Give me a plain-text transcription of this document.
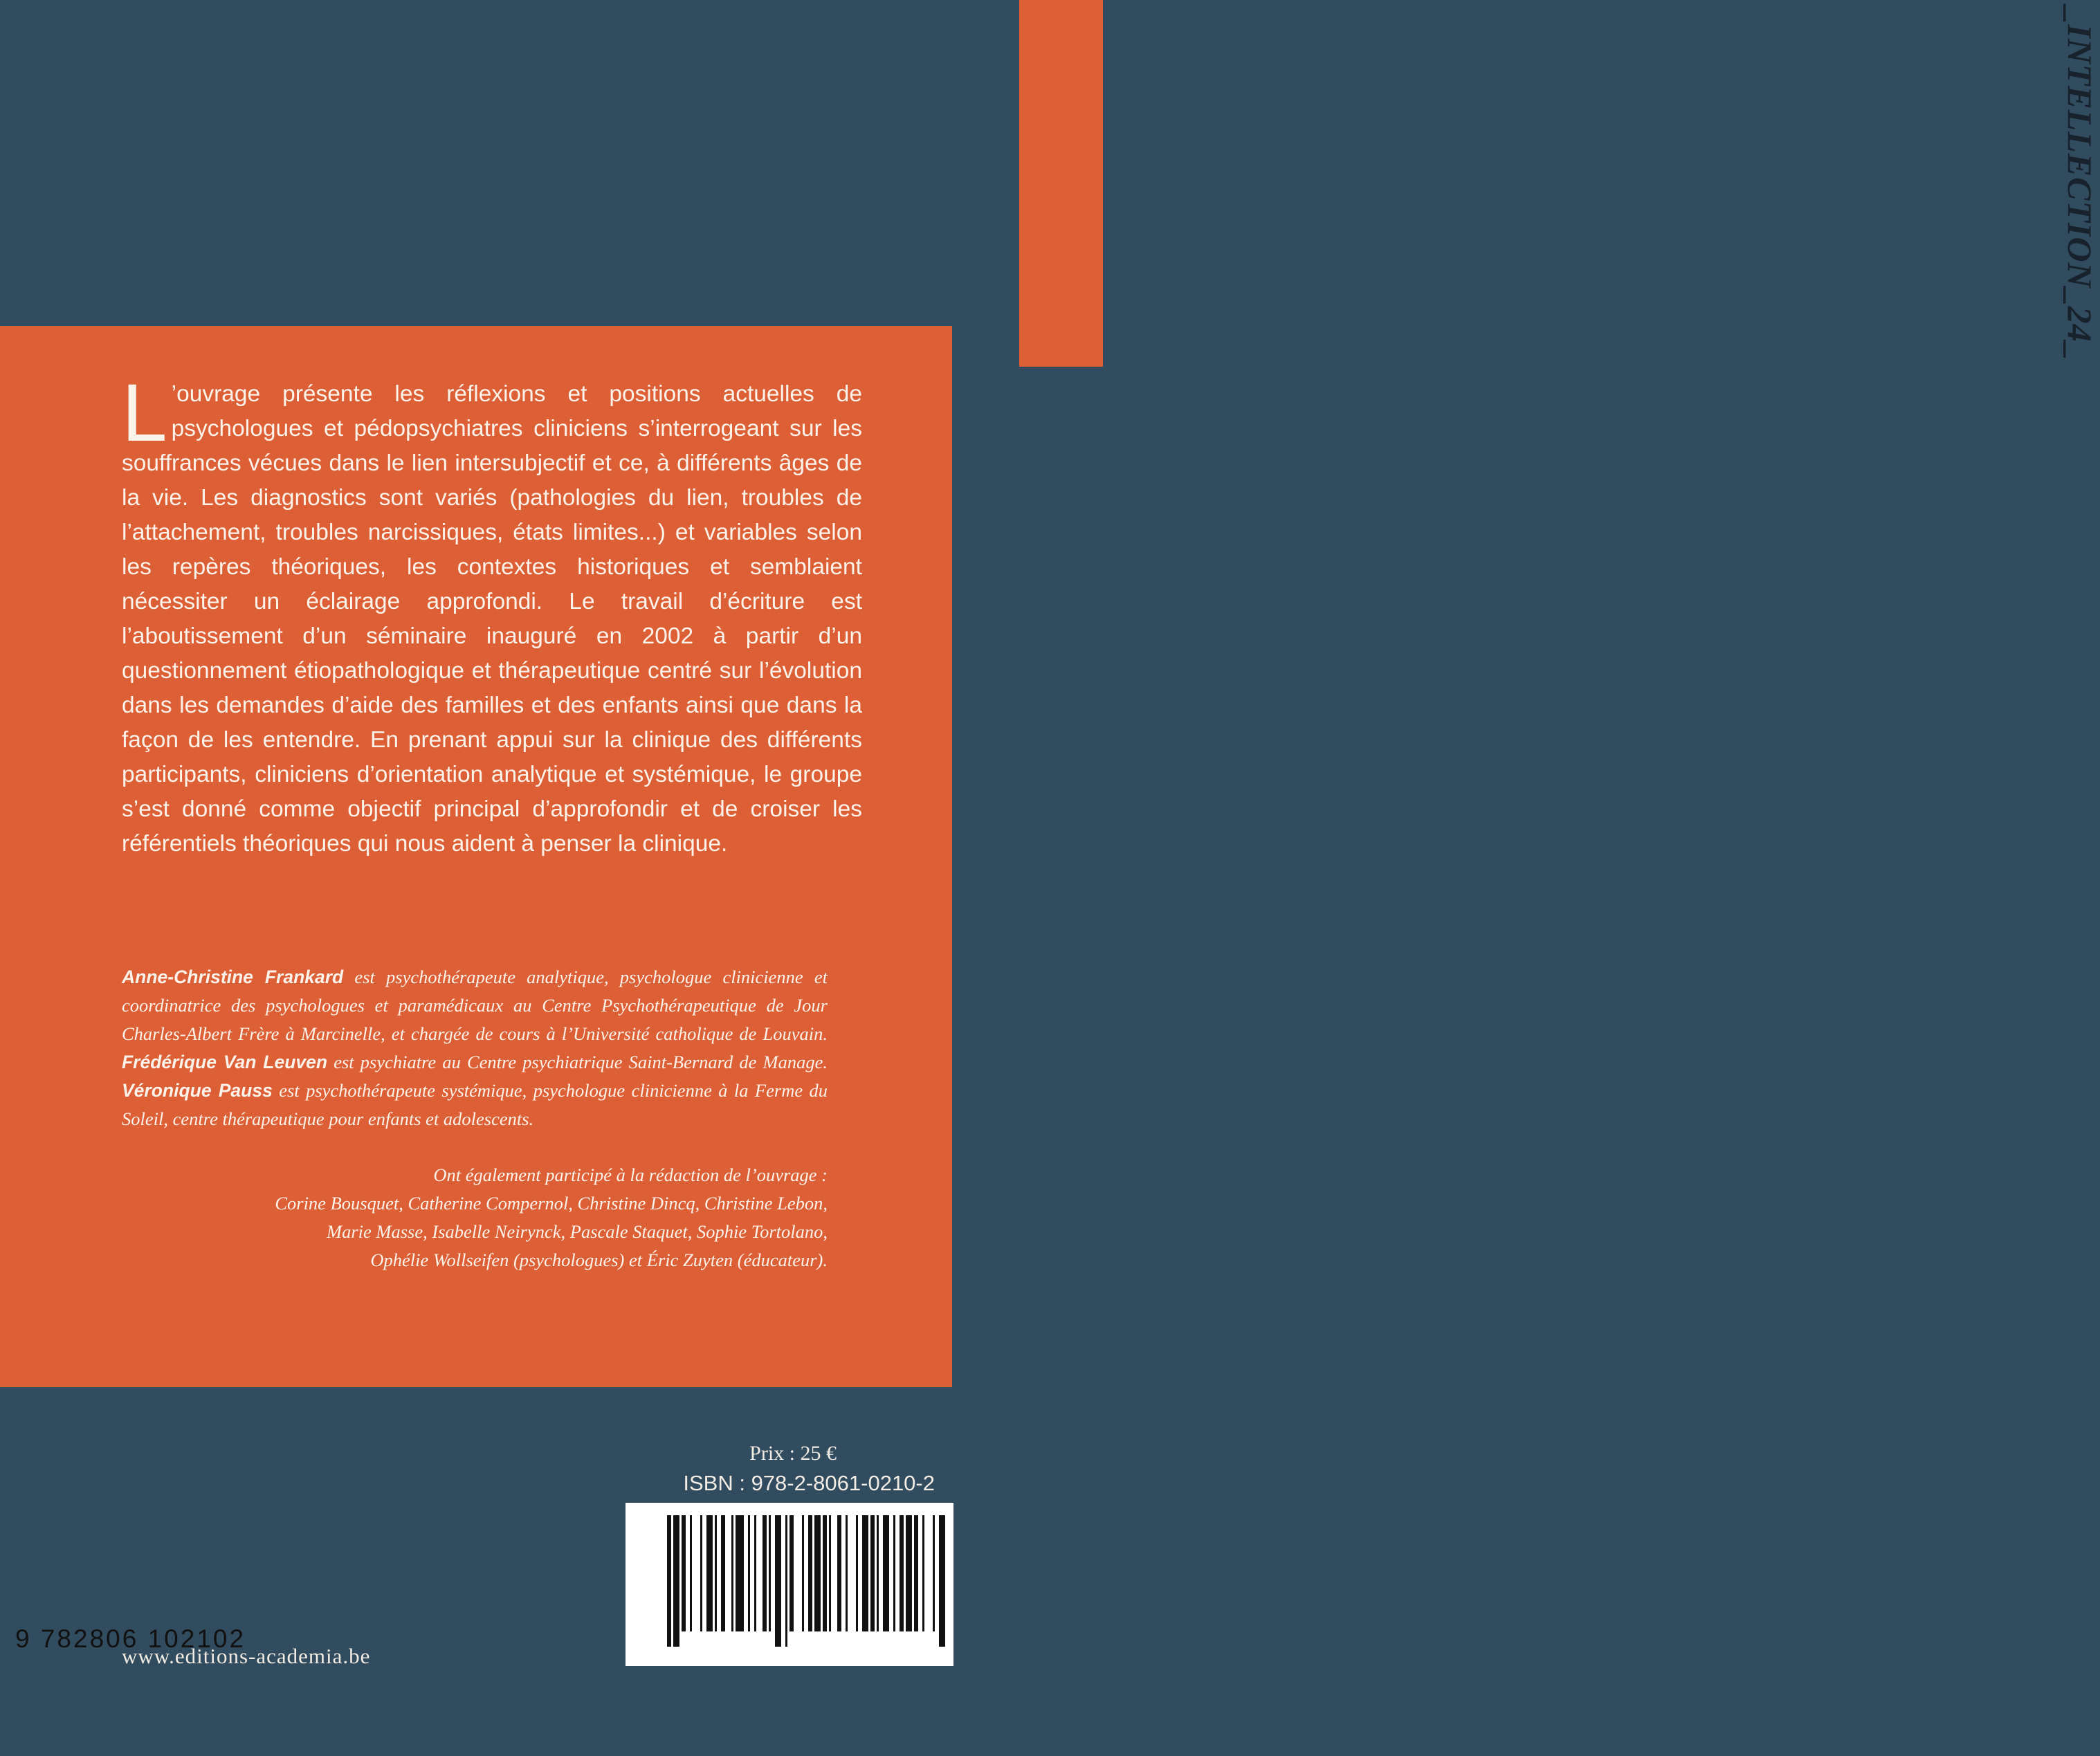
_INTELLECTION_24_
L ’ouvrage présente les réflexions et positions actuelles de psychologues et pédopsychiatres cliniciens s’interrogeant sur les souffrances vécues dans le lien intersubjectif et ce, à différents âges de la vie. Les diagnostics sont variés (pathologies du lien, troubles de l’attachement, troubles narcissiques, états limites...) et variables selon les repères théoriques, les contextes historiques et semblaient nécessiter un éclairage approfondi. Le travail d’écriture est l’aboutissement d’un séminaire inauguré en 2002 à partir d’un questionnement étiopathologique et thérapeutique centré sur l’évolution dans les demandes d’aide des familles et des enfants ainsi que dans la façon de les entendre. En prenant appui sur la clinique des différents participants, cliniciens d’orientation analytique et systémique, le groupe s’est donné comme objectif principal d’approfondir et de croiser les référentiels théoriques qui nous aident à penser la clinique.
Anne-Christine Frankard est psychothérapeute analytique, psychologue clinicienne et coordinatrice des psychologues et paramédicaux au Centre Psychothérapeutique de Jour Charles-Albert Frère à Marcinelle, et chargée de cours à l’Université catholique de Louvain. Frédérique Van Leuven est psychiatre au Centre psychiatrique Saint-Bernard de Manage. Véronique Pauss est psychothérapeute systémique, psychologue clinicienne à la Ferme du Soleil, centre thérapeutique pour enfants et adolescents.
Ont également participé à la rédaction de l’ouvrage :
Corine Bousquet, Catherine Compernol, Christine Dincq, Christine Lebon,
Marie Masse, Isabelle Neirynck, Pascale Staquet, Sophie Tortolano,
Ophélie Wollseifen (psychologues) et Éric Zuyten (éducateur).
Prix : 25 €
ISBN : 978-2-8061-0210-2
9 782806 102102
www.editions-academia.be
